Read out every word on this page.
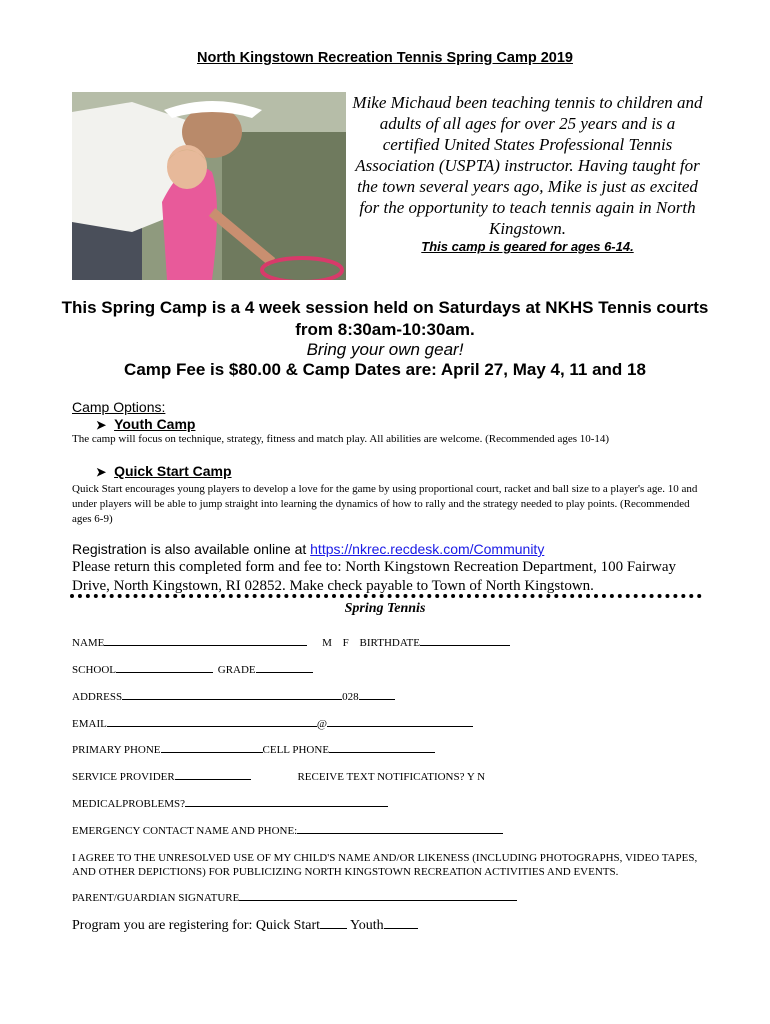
North Kingstown Recreation Tennis Spring Camp 2019
Mike Michaud been teaching tennis to children and adults of all ages for over 25 years and is a certified United States Professional Tennis Association (USPTA) instructor. Having taught for the town several years ago, Mike is just as excited for the opportunity to teach tennis again in North Kingstown.
This camp is geared for ages 6-14.
This Spring Camp is a 4 week session held on Saturdays at NKHS Tennis courts from 8:30am-10:30am.
Bring your own gear!
Camp Fee is $80.00 & Camp Dates are: April 27, May 4, 11 and 18
Camp Options:
➤ Youth Camp
The camp will focus on technique, strategy, fitness and match play. All abilities are welcome. (Recommended ages 10-14)
➤ Quick Start Camp
Quick Start encourages young players to develop a love for the game by using proportional court, racket and ball size to a player's age. 10 and under players will be able to jump straight into learning the dynamics of how to rally and the strategy needed to play points. (Recommended ages 6-9)
Registration is also available online at https://nkrec.recdesk.com/Community
Please return this completed form and fee to: North Kingstown Recreation Department, 100 Fairway Drive, North Kingstown, RI 02852. Make check payable to Town of North Kingstown.
Spring Tennis
NAME	M F BIRTHDATE
SCHOOL	GRADE
ADDRESS	028
EMAIL	@
PRIMARY PHONE	CELL PHONE
SERVICE PROVIDER	RECEIVE TEXT NOTIFICATIONS? Y N
MEDICALPROBLEMS?
EMERGENCY CONTACT NAME AND PHONE:
I AGREE TO THE UNRESOLVED USE OF MY CHILD'S NAME AND/OR LIKENESS (INCLUDING PHOTOGRAPHS, VIDEO TAPES, AND OTHER DEPICTIONS) FOR PUBLICIZING NORTH KINGSTOWN RECREATION ACTIVITIES AND EVENTS.
PARENT/GUARDIAN SIGNATURE
Program you are registering for: Quick Start Youth
